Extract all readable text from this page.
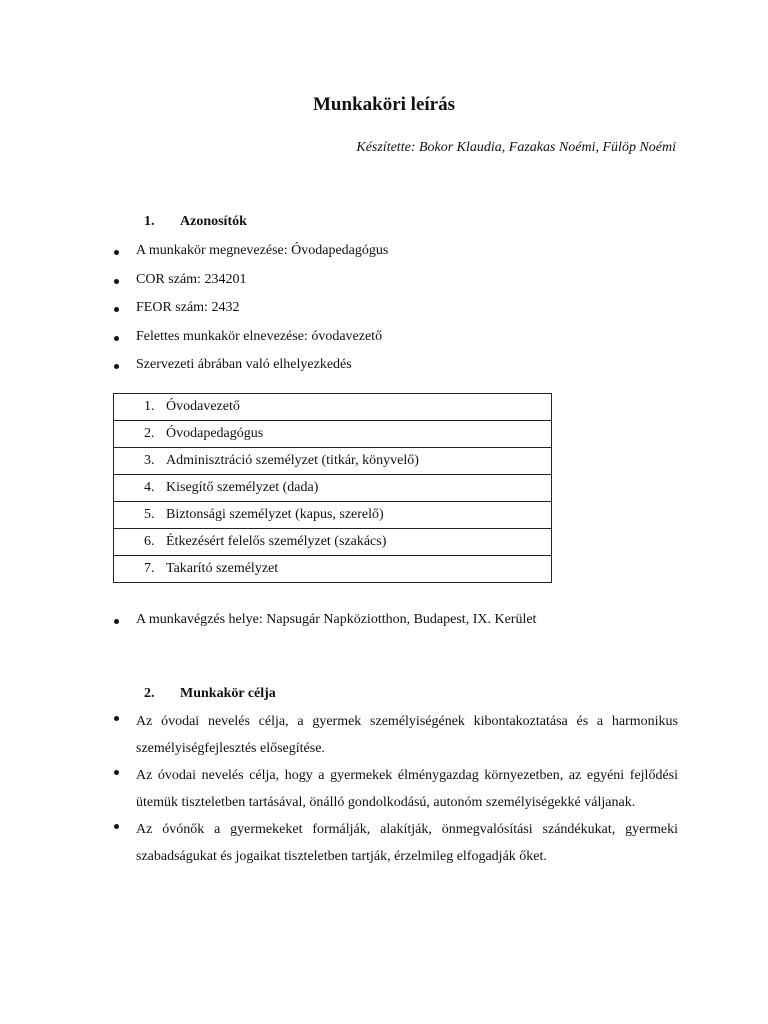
Munkaköri leírás
Készítette: Bokor Klaudia, Fazakas Noémi, Fülöp Noémi
1. Azonosítók
A munkakör megnevezése: Óvodapedagógus
COR szám: 234201
FEOR szám: 2432
Felettes munkakör elnevezése: óvodavezető
Szervezeti ábrában való elhelyezkedés
1. Óvodavezető
2. Óvodapedagógus
3. Adminisztráció személyzet (titkár, könyvelő)
4. Kisegítő személyzet (dada)
5. Biztonsági személyzet (kapus, szerelő)
6. Étkezésért felelős személyzet (szakács)
7. Takarító személyzet
A munkavégzés helye: Napsugár Napköziotthon, Budapest, IX. Kerület
2. Munkakör célja
Az óvodai nevelés célja, a gyermek személyiségének kibontakoztatása és a harmonikus személyiségfejlesztés elősegítése.
Az óvodai nevelés célja, hogy a gyermekek élménygazdag környezetben, az egyéni fejlődési ütemük tiszteletben tartásával, önálló gondolkodású, autonóm személyiségekké váljanak.
Az óvónők a gyermekeket formálják, alakítják, önmegvalósítási szándékukat, gyermeki szabadságukat és jogaikat tiszteletben tartják, érzelmileg elfogadják őket.
